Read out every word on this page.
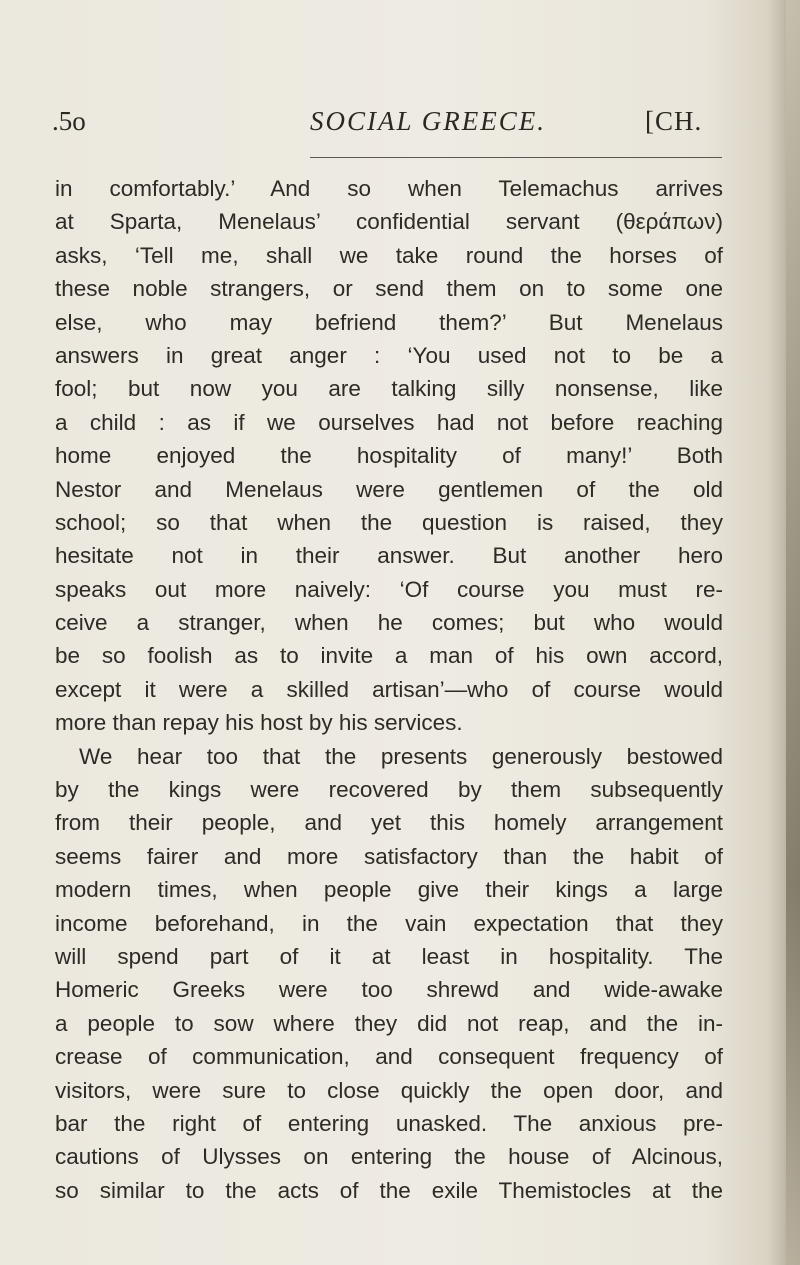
.5o	SOCIAL GREECE.	[CH.
in comfortably.’ And so when Telemachus arrives
at Sparta, Menelaus’ confidential servant (θεράπων)
asks, ‘Tell me, shall we take round the horses of
these noble strangers, or send them on to some one
else, who may befriend them?’ But Menelaus
answers in great anger : ‘You used not to be a
fool; but now you are talking silly nonsense, like
a child : as if we ourselves had not before reaching
home enjoyed the hospitality of many!’ Both
Nestor and Menelaus were gentlemen of the old
school; so that when the question is raised, they
hesitate not in their answer. But another hero
speaks out more naively: ‘Of course you must re-
ceive a stranger, when he comes; but who would
be so foolish as to invite a man of his own accord,
except it were a skilled artisan’—who of course would
more than repay his host by his services.
We hear too that the presents generously bestowed
by the kings were recovered by them subsequently
from their people, and yet this homely arrangement
seems fairer and more satisfactory than the habit of
modern times, when people give their kings a large
income beforehand, in the vain expectation that they
will spend part of it at least in hospitality. The
Homeric Greeks were too shrewd and wide-awake
a people to sow where they did not reap, and the in-
crease of communication, and consequent frequency of
visitors, were sure to close quickly the open door, and
bar the right of entering unasked. The anxious pre-
cautions of Ulysses on entering the house of Alcinous,
so similar to the acts of the exile Themistocles at the
